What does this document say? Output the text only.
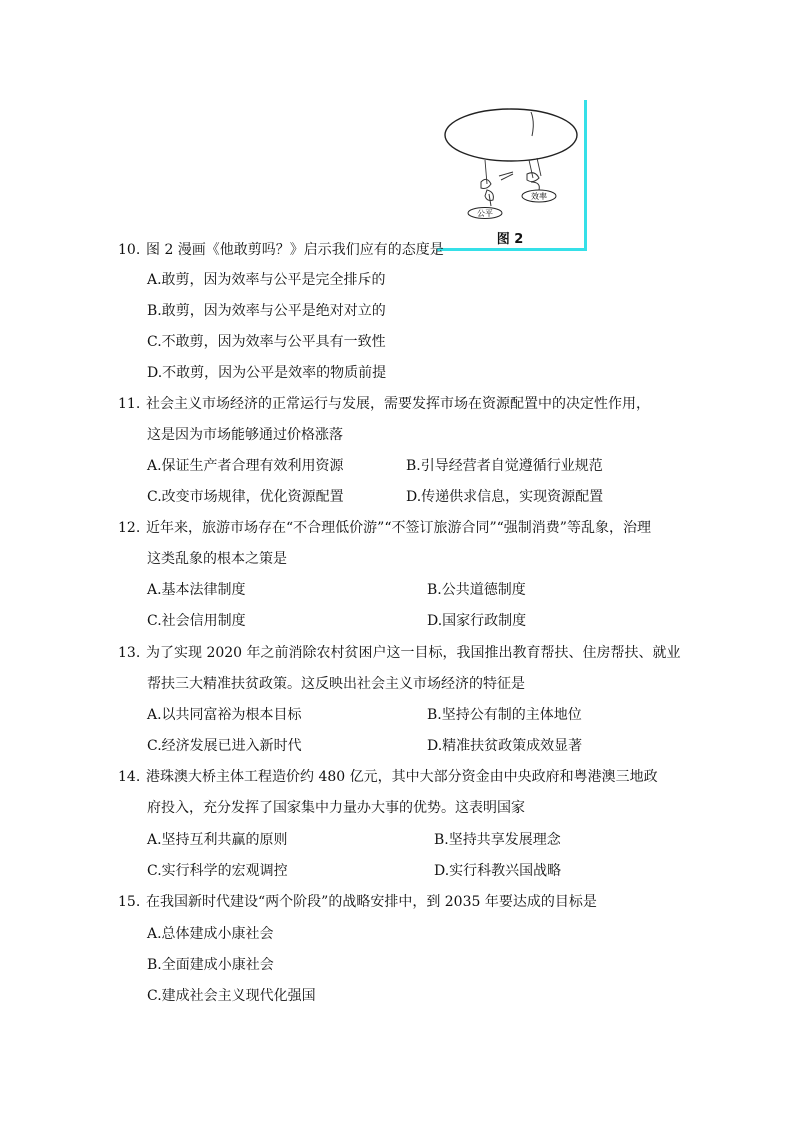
公平
效率
图 2
10. 图 2 漫画《他敢剪吗？》启示我们应有的态度是
A.敢剪，因为效率与公平是完全排斥的
B.敢剪，因为效率与公平是绝对对立的
C.不敢剪，因为效率与公平具有一致性
D.不敢剪，因为公平是效率的物质前提
11. 社会主义市场经济的正常运行与发展，需要发挥市场在资源配置中的决定性作用，
这是因为市场能够通过价格涨落
A.保证生产者合理有效利用资源	B.引导经营者自觉遵循行业规范
C.改变市场规律，优化资源配置	D.传递供求信息，实现资源配置
12. 近年来，旅游市场存在“不合理低价游”“不签订旅游合同”“强制消费”等乱象，治理
这类乱象的根本之策是
A.基本法律制度	B.公共道德制度
C.社会信用制度	D.国家行政制度
13. 为了实现 2020 年之前消除农村贫困户这一目标，我国推出教育帮扶、住房帮扶、就业
帮扶三大精准扶贫政策。这反映出社会主义市场经济的特征是
A.以共同富裕为根本目标	B.坚持公有制的主体地位
C.经济发展已进入新时代	D.精准扶贫政策成效显著
14. 港珠澳大桥主体工程造价约 480 亿元，其中大部分资金由中央政府和粤港澳三地政
府投入，充分发挥了国家集中力量办大事的优势。这表明国家
A.坚持互利共赢的原则	B.坚持共享发展理念
C.实行科学的宏观调控	D.实行科教兴国战略
15. 在我国新时代建设“两个阶段”的战略安排中，到 2035 年要达成的目标是
A.总体建成小康社会
B.全面建成小康社会
C.建成社会主义现代化强国
